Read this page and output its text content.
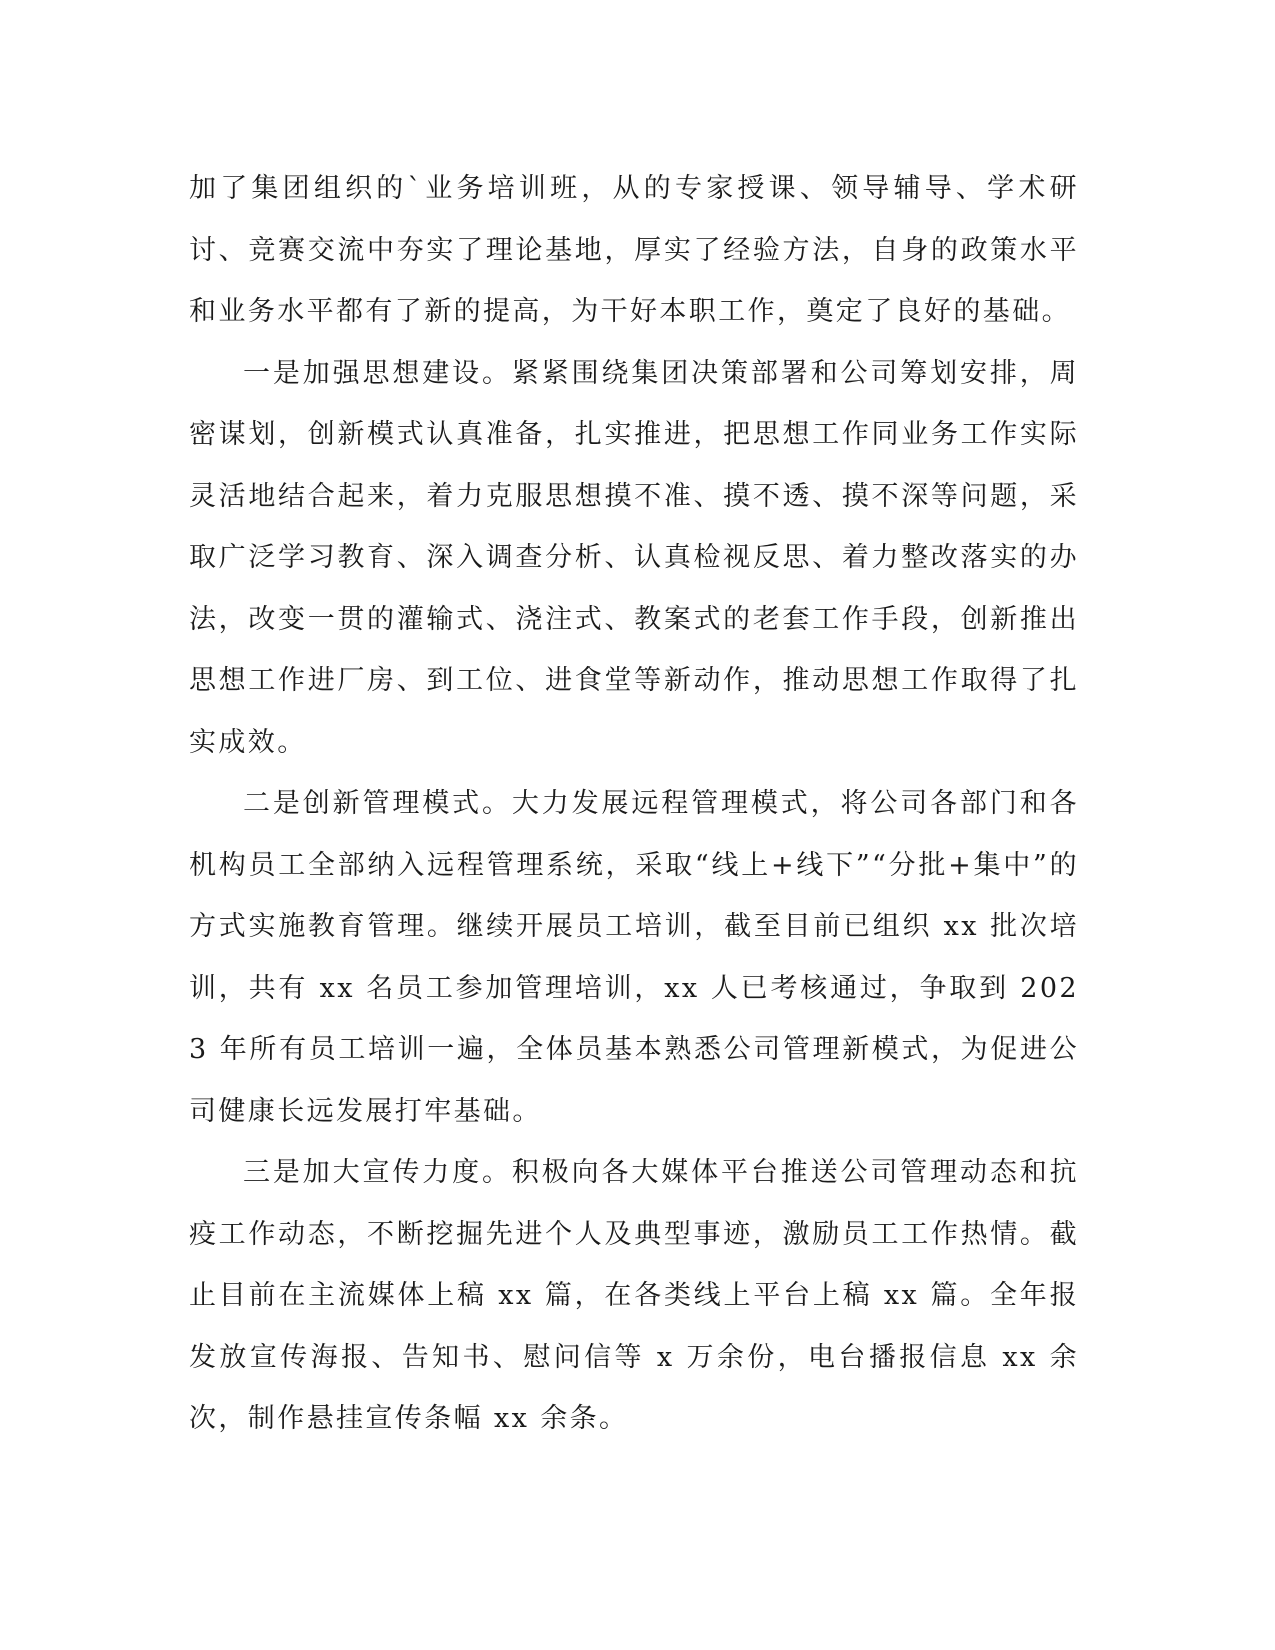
加了集团组织的`业务培训班，从的专家授课、领导辅导、学术研讨、竞赛交流中夯实了理论基地，厚实了经验方法，自身的政策水平和业务水平都有了新的提高，为干好本职工作，奠定了良好的基础。

一是加强思想建设。紧紧围绕集团决策部署和公司筹划安排，周密谋划，创新模式认真准备，扎实推进，把思想工作同业务工作实际灵活地结合起来，着力克服思想摸不准、摸不透、摸不深等问题，采取广泛学习教育、深入调查分析、认真检视反思、着力整改落实的办法，改变一贯的灌输式、浇注式、教案式的老套工作手段，创新推出思想工作进厂房、到工位、进食堂等新动作，推动思想工作取得了扎实成效。

二是创新管理模式。大力发展远程管理模式，将公司各部门和各机构员工全部纳入远程管理系统，采取“线上+线下”“分批+集中”的方式实施教育管理。继续开展员工培训，截至目前已组织 xx 批次培训，共有 xx 名员工参加管理培训，xx 人已考核通过，争取到 2023 年所有员工培训一遍，全体员基本熟悉公司管理新模式，为促进公司健康长远发展打牢基础。

三是加大宣传力度。积极向各大媒体平台推送公司管理动态和抗疫工作动态，不断挖掘先进个人及典型事迹，激励员工工作热情。截止目前在主流媒体上稿 xx 篇，在各类线上平台上稿 xx 篇。全年报发放宣传海报、告知书、慰问信等 x 万余份，电台播报信息 xx 余次，制作悬挂宣传条幅 xx 余条。
